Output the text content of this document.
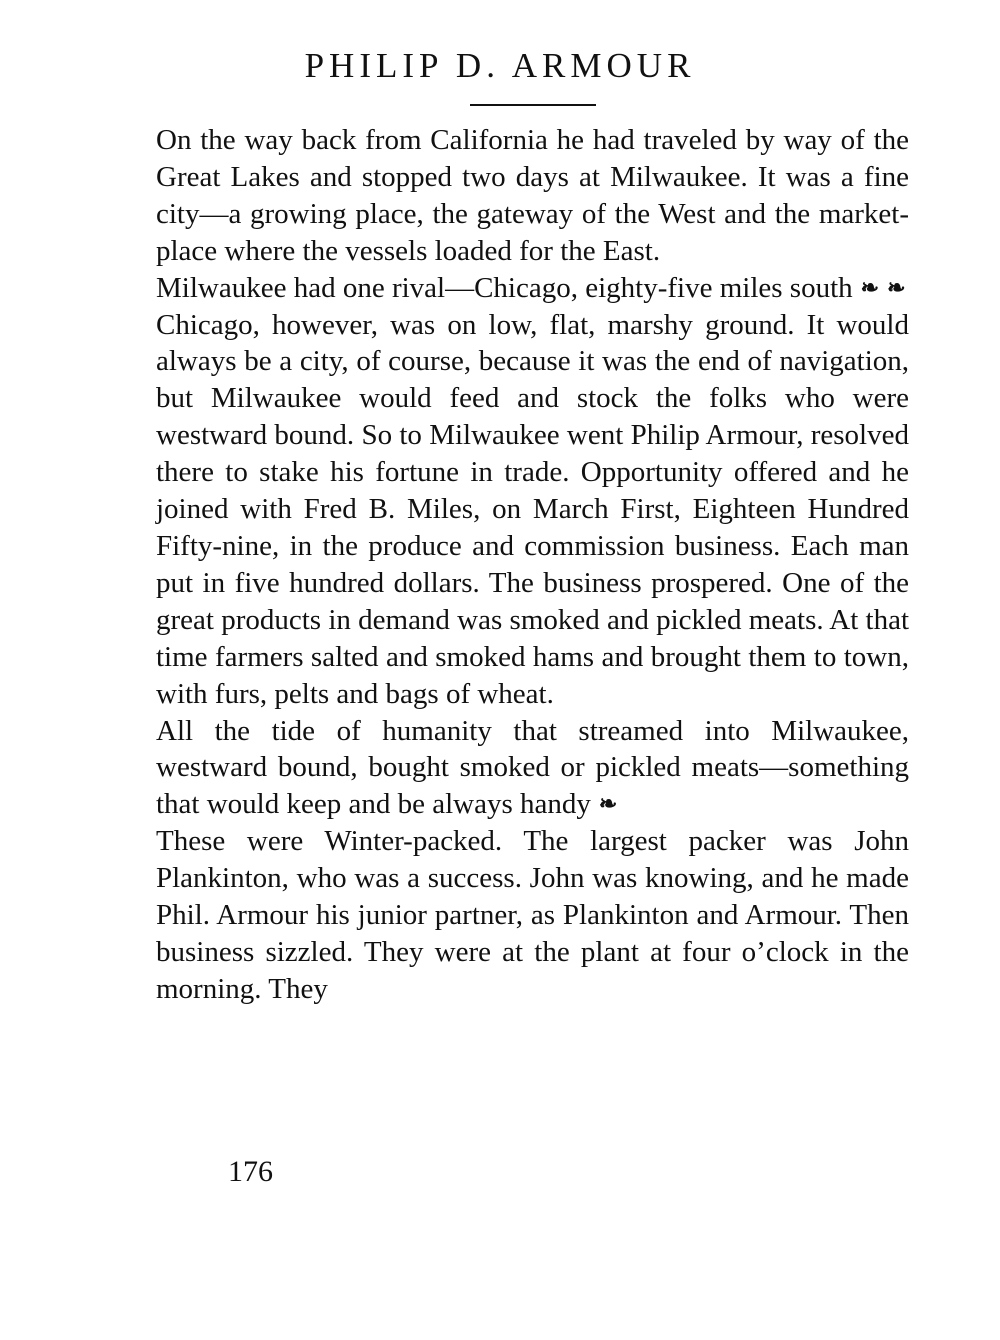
PHILIP D. ARMOUR

On the way back from California he had traveled by way of the Great Lakes and stopped two days at Milwaukee. It was a fine city—a growing place, the gateway of the West and the market-place where the vessels loaded for the East.

Milwaukee had one rival—Chicago, eighty-five miles south ❧ ❧

Chicago, however, was on low, flat, marshy ground. It would always be a city, of course, because it was the end of navigation, but Milwaukee would feed and stock the folks who were westward bound. So to Milwaukee went Philip Armour, resolved there to stake his fortune in trade. Opportunity offered and he joined with Fred B. Miles, on March First, Eighteen Hundred Fifty-nine, in the produce and commission business. Each man put in five hundred dollars. The business prospered. One of the great products in demand was smoked and pickled meats. At that time farmers salted and smoked hams and brought them to town, with furs, pelts and bags of wheat.

All the tide of humanity that streamed into Milwaukee, westward bound, bought smoked or pickled meats—something that would keep and be always handy ❧

These were Winter-packed. The largest packer was John Plankinton, who was a success. John was knowing, and he made Phil. Armour his junior partner, as Plankinton and Armour. Then business sizzled. They were at the plant at four o’clock in the morning. They

176
